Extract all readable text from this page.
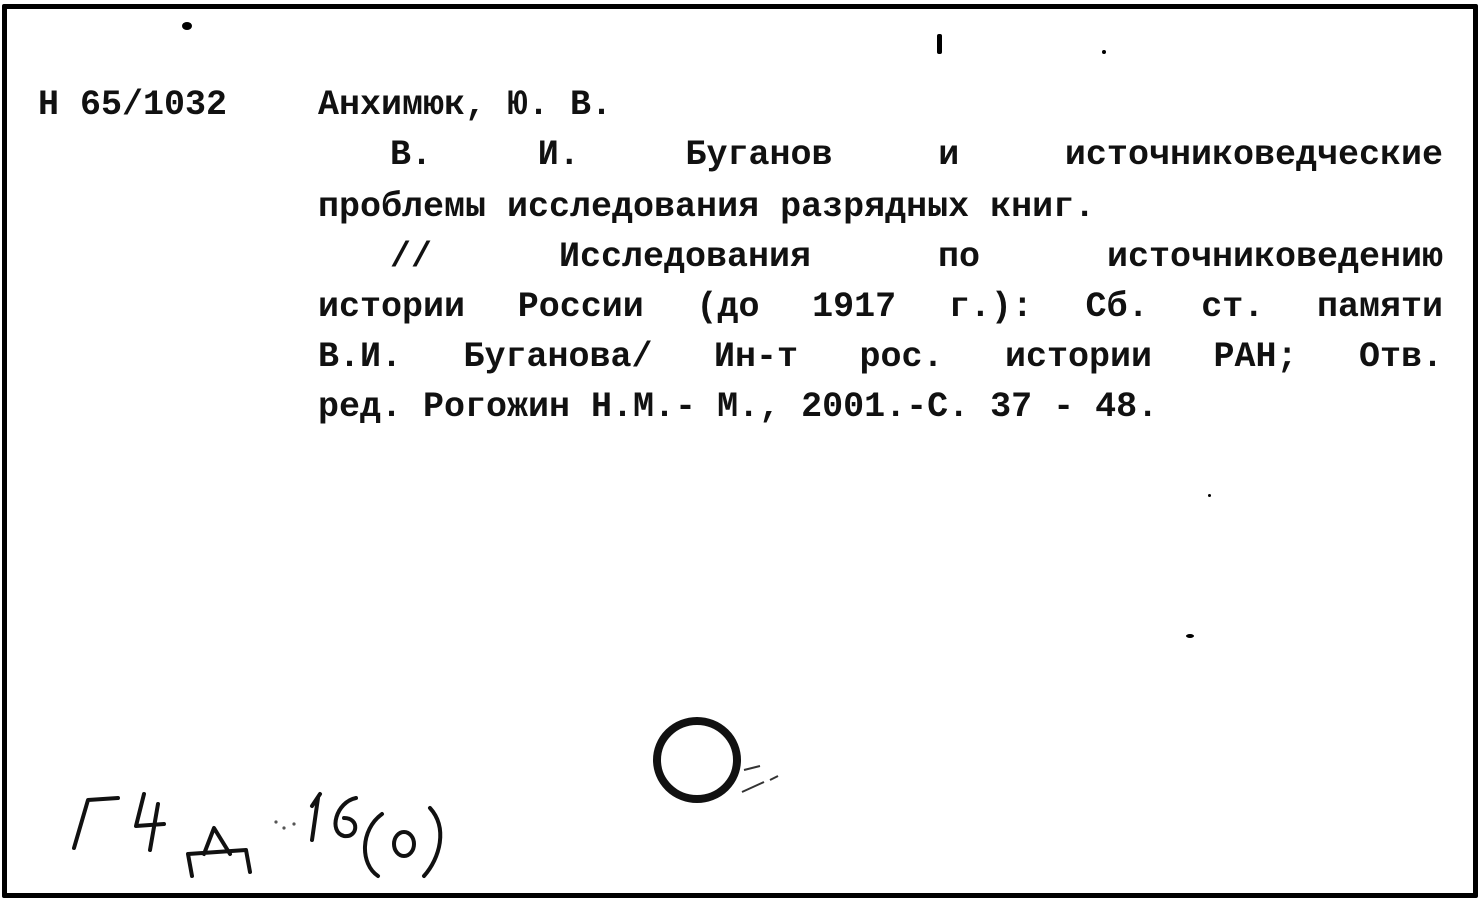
Н 65/1032	Анхимюк, Ю. В.
В. И. Буганов и источниковедческие
проблемы исследования разрядных книг.
// Исследования по источниковедению
истории России (до 1917 г.): Сб. ст. памяти
В.И. Буганова/ Ин-т рос. истории РАН; Отв.
ред. Рогожин Н.М.- М., 2001.-С. 37 - 48.
